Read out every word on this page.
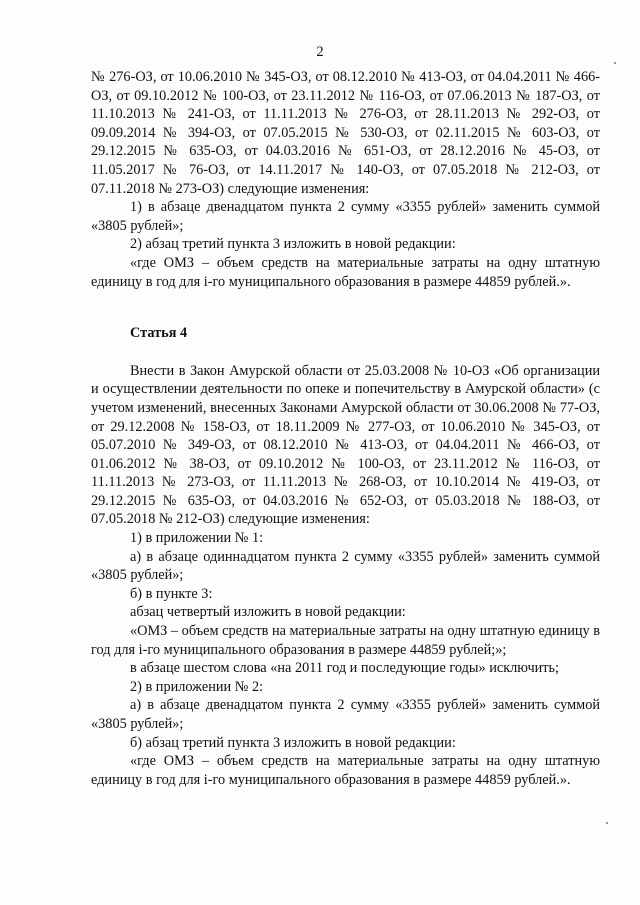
2

№ 276-ОЗ, от 10.06.2010 № 345-ОЗ, от 08.12.2010 № 413-ОЗ, от 04.04.2011 № 466-ОЗ, от 09.10.2012 № 100-ОЗ, от 23.11.2012 № 116-ОЗ, от 07.06.2013 № 187-ОЗ, от 11.10.2013 № 241-ОЗ, от 11.11.2013 № 276-ОЗ, от 28.11.2013 № 292-ОЗ, от 09.09.2014 № 394-ОЗ, от 07.05.2015 № 530-ОЗ, от 02.11.2015 № 603-ОЗ, от 29.12.2015 № 635-ОЗ, от 04.03.2016 № 651-ОЗ, от 28.12.2016 № 45-ОЗ, от 11.05.2017 № 76-ОЗ, от 14.11.2017 № 140-ОЗ, от 07.05.2018 № 212-ОЗ, от 07.11.2018 № 273-ОЗ) следующие изменения:

1) в абзаце двенадцатом пункта 2 сумму «3355 рублей» заменить суммой «3805 рублей»;

2) абзац третий пункта 3 изложить в новой редакции:

«где ОМЗ – объем средств на материальные затраты на одну штатную единицу в год для i-го муниципального образования в размере 44859 рублей.».

Статья 4

Внести в Закон Амурской области от 25.03.2008 № 10-ОЗ «Об организации и осуществлении деятельности по опеке и попечительству в Амурской области» (с учетом изменений, внесенных Законами Амурской области от 30.06.2008 № 77-ОЗ, от 29.12.2008 № 158-ОЗ, от 18.11.2009 № 277-ОЗ, от 10.06.2010 № 345-ОЗ, от 05.07.2010 № 349-ОЗ, от 08.12.2010 № 413-ОЗ, от 04.04.2011 № 466-ОЗ, от 01.06.2012 № 38-ОЗ, от 09.10.2012 № 100-ОЗ, от 23.11.2012 № 116-ОЗ, от 11.11.2013 № 273-ОЗ, от 11.11.2013 № 268-ОЗ, от 10.10.2014 № 419-ОЗ, от 29.12.2015 № 635-ОЗ, от 04.03.2016 № 652-ОЗ, от 05.03.2018 № 188-ОЗ, от 07.05.2018 № 212-ОЗ) следующие изменения:

1) в приложении № 1:

а) в абзаце одиннадцатом пункта 2 сумму «3355 рублей» заменить суммой «3805 рублей»;

б) в пункте 3:

абзац четвертый изложить в новой редакции:

«ОМЗ – объем средств на материальные затраты на одну штатную единицу в год для i-го муниципального образования в размере 44859 рублей;»;

в абзаце шестом слова «на 2011 год и последующие годы» исключить;

2) в приложении № 2:

а) в абзаце двенадцатом пункта 2 сумму «3355 рублей» заменить суммой «3805 рублей»;

б) абзац третий пункта 3 изложить в новой редакции:

«где ОМЗ – объем средств на материальные затраты на одну штатную единицу в год для i-го муниципального образования в размере 44859 рублей.».
